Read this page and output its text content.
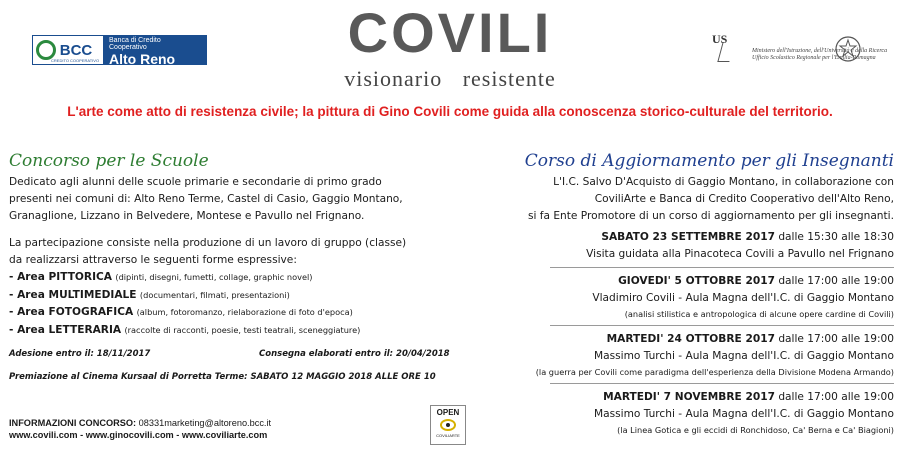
BCC
CREDITO COOPERATIVO
Banca di Credito Cooperativo
Alto Reno	COVILI
visionario resistente
US
Ministero dell'Istruzione, dell'Università e della Ricerca Ufficio Scolastico Regionale per l'Emilia-Romagna
L'arte come atto di resistenza civile; la pittura di Gino Covili come guida alla conoscenza storico-culturale del territorio.
Concorso per le Scuole
Dedicato agli alunni delle scuole primarie e secondarie di primo grado
presenti nei comuni di: Alto Reno Terme, Castel di Casio, Gaggio Montano,
Granaglione, Lizzano in Belvedere, Montese e Pavullo nel Frignano.
La partecipazione consiste nella produzione di un lavoro di gruppo (classe)
da realizzarsi attraverso le seguenti forme espressive:
- Area PITTORICA (dipinti, disegni, fumetti, collage, graphic novel)
- Area MULTIMEDIALE (documentari, filmati, presentazioni)
- Area FOTOGRAFICA (album, fotoromanzo, rielaborazione di foto d'epoca)
- Area LETTERARIA (raccolte di racconti, poesie, testi teatrali, sceneggiature)
Adesione entro il: 18/11/2017	Consegna elaborati entro il: 20/04/2018
Premiazione al Cinema Kursaal di Porretta Terme: SABATO 12 MAGGIO 2018 ALLE ORE 10
Corso di Aggiornamento per gli Insegnanti
L'I.C. Salvo D'Acquisto di Gaggio Montano, in collaborazione con
CoviliArte e Banca di Credito Cooperativo dell'Alto Reno,
si fa Ente Promotore di un corso di aggiornamento per gli insegnanti.
SABATO 23 SETTEMBRE 2017 dalle 15:30 alle 18:30
Visita guidata alla Pinacoteca Covili a Pavullo nel Frignano
GIOVEDI' 5 OTTOBRE 2017 dalle 17:00 alle 19:00
Vladimiro Covili - Aula Magna dell'I.C. di Gaggio Montano
(analisi stilistica e antropologica di alcune opere cardine di Covili)
MARTEDI' 24 OTTOBRE 2017 dalle 17:00 alle 19:00
Massimo Turchi - Aula Magna dell'I.C. di Gaggio Montano
(la guerra per Covili come paradigma dell'esperienza della Divisione Modena Armando)
MARTEDI' 7 NOVEMBRE 2017 dalle 17:00 alle 19:00
Massimo Turchi - Aula Magna dell'I.C. di Gaggio Montano
(la Linea Gotica e gli eccidi di Ronchidoso, Ca' Berna e Ca' Biagioni)
INFORMAZIONI CONCORSO: 08331marketing@altoreno.bcc.it
www.covili.com - www.ginocovili.com - www.coviliarte.com
OPEN
COVILIARTE
